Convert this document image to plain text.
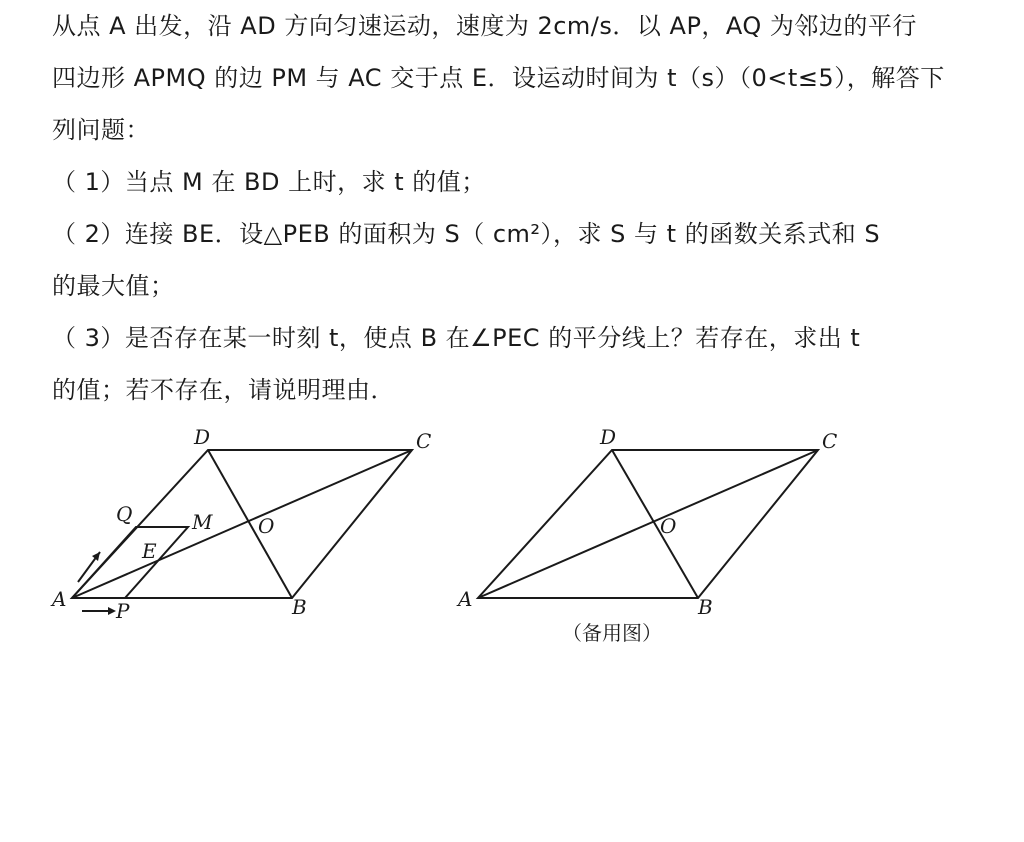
从点 A 出发，沿 AD 方向匀速运动，速度为 2cm/s．以 AP，AQ 为邻边的平行
四边形 APMQ 的边 PM 与 AC 交于点 E．设运动时间为 t（s）（0<t≤5），解答下
列问题：
（ 1）当点 M 在 BD 上时，求 t 的值；
（ 2）连接 BE．设△PEB 的面积为 S（ cm²），求 S 与 t 的函数关系式和 S
的最大值；
（ 3）是否存在某一时刻 t，使点 B 在∠PEC 的平分线上？若存在，求出 t
的值；若不存在，请说明理由．
A	B
C
D
O
Q	M
E
P	A	B
C
D
O
（备用图）
